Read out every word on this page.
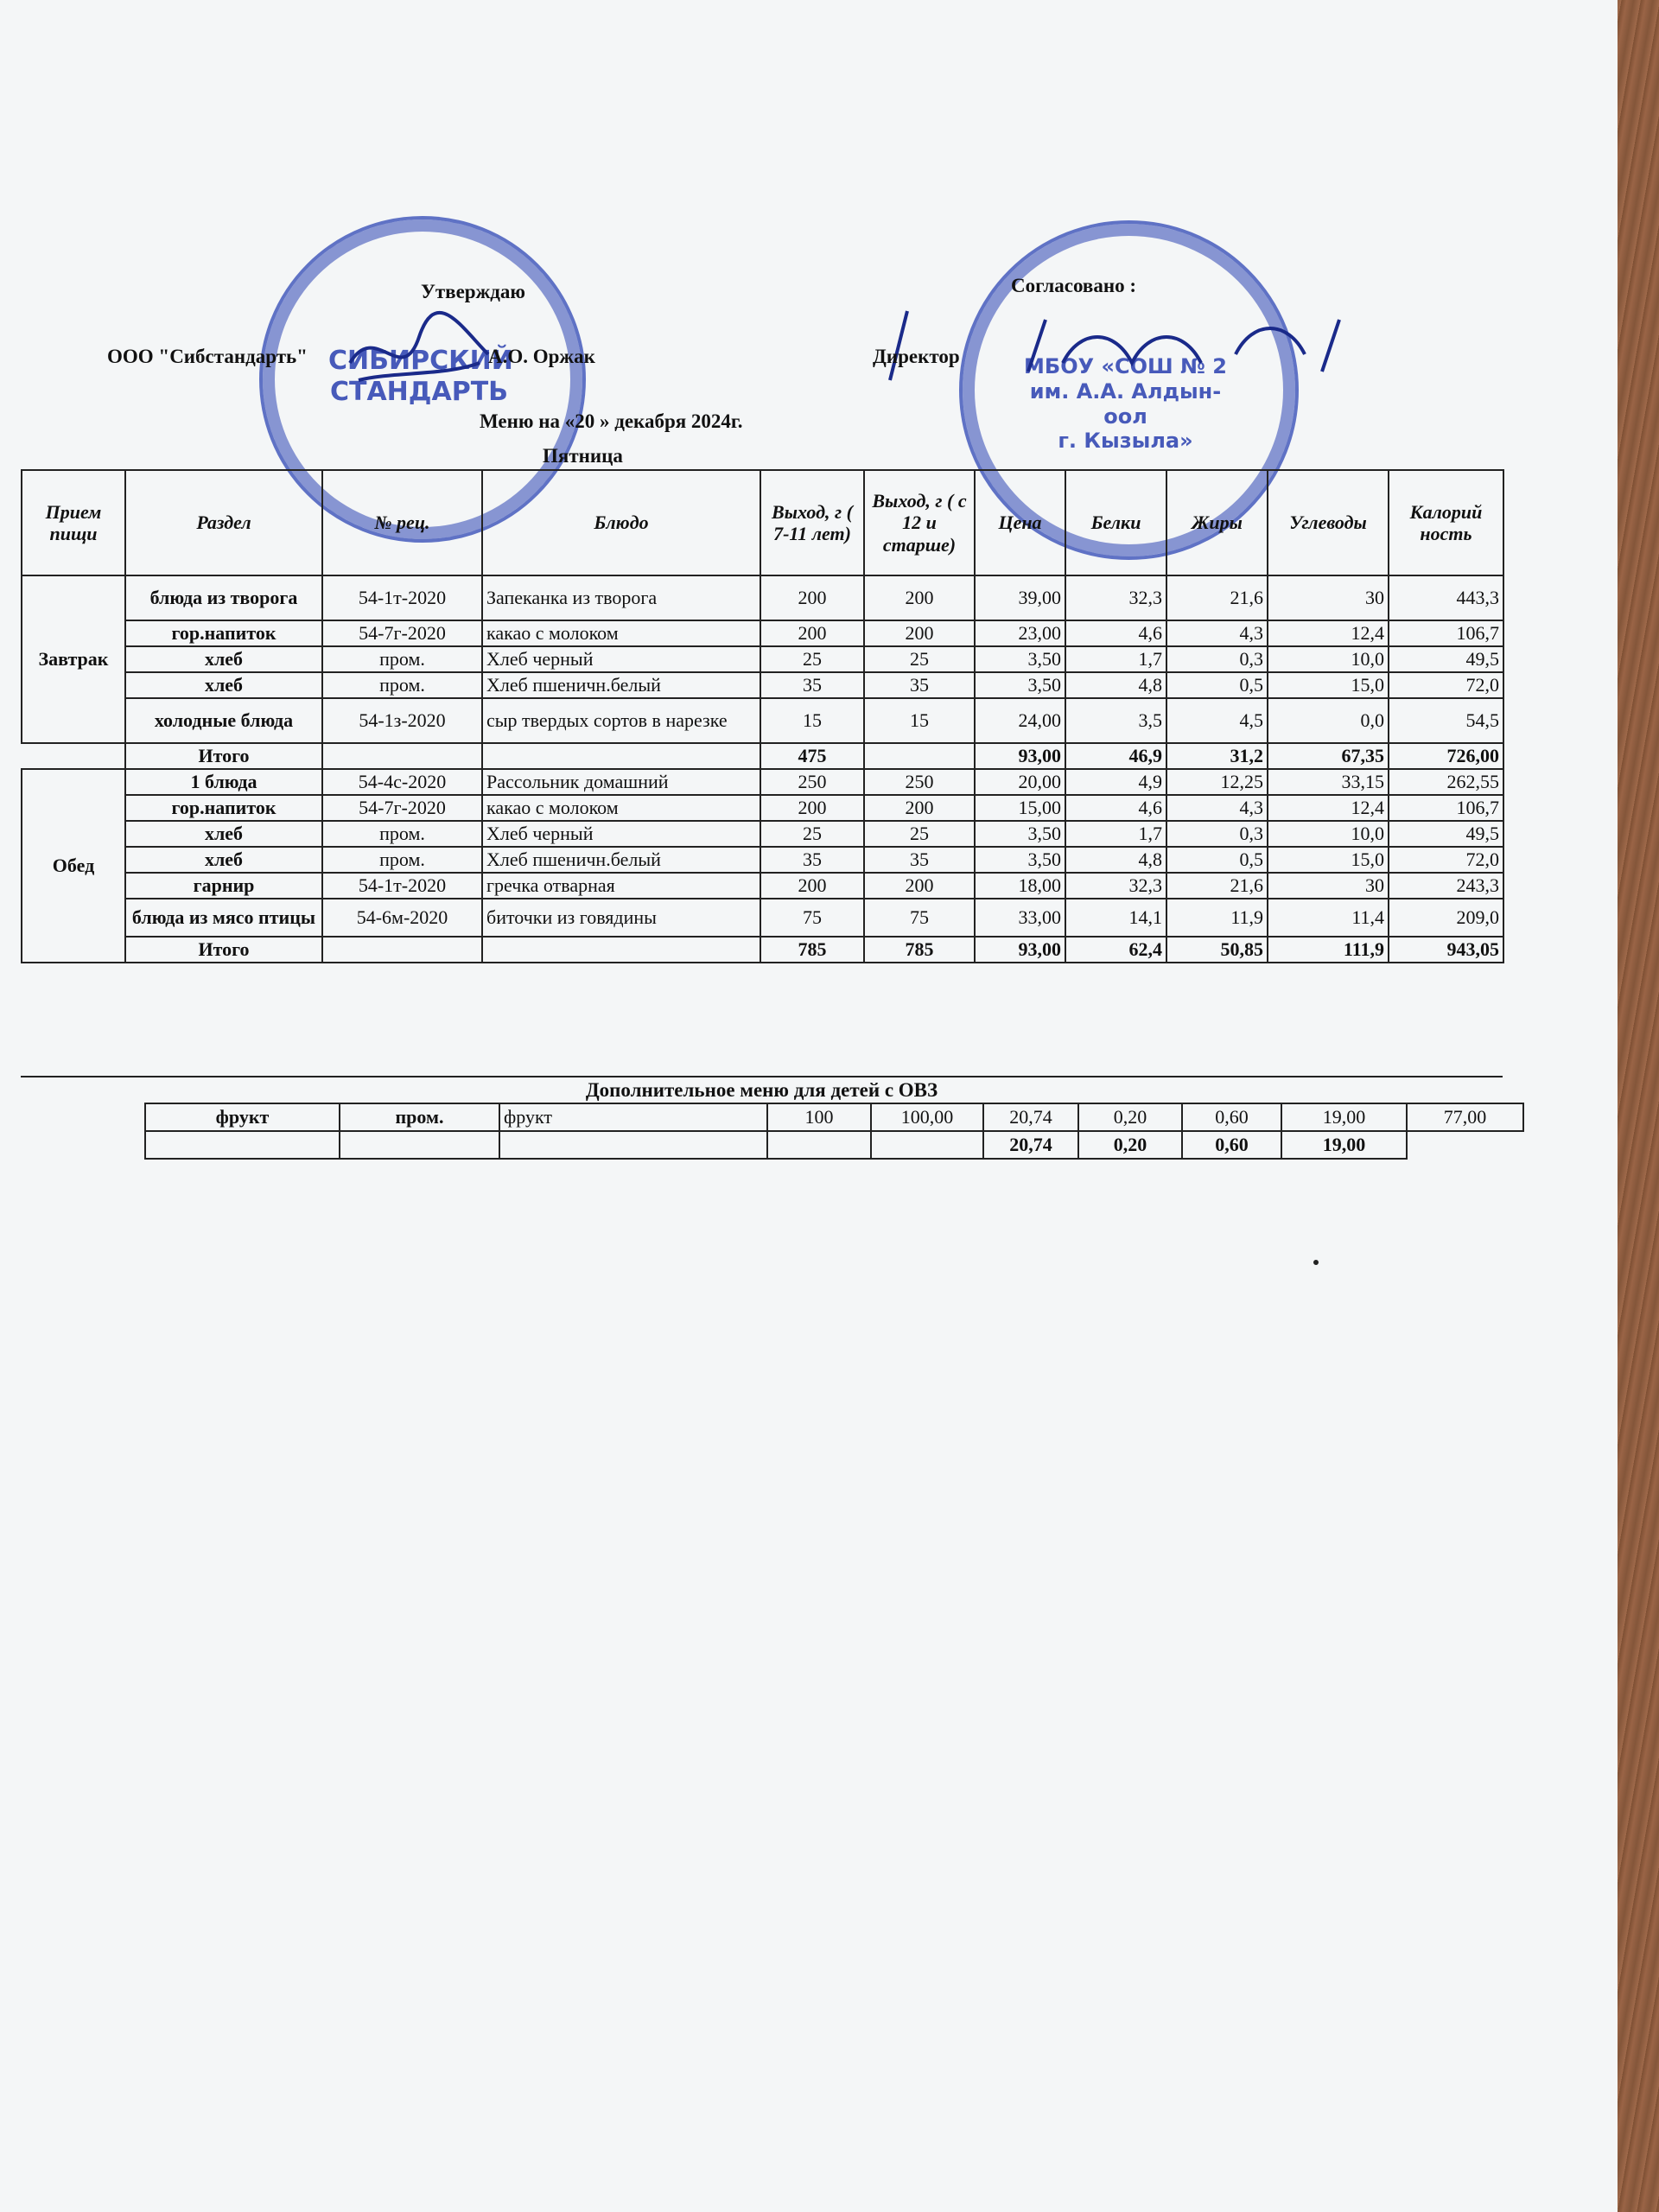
СИБИРСКИЙ
СТАНДАРТЬ
МБОУ «СОШ № 2
им. А.А. Алдын-оол
г. Кызыла»
Утверждаю
ООО "Сибстандарть"	А.О. Оржак
Согласовано :
Директор
Меню на «20 » декабря 2024г.
Пятница
Прием пищи	Раздел	№ рец.	Блюдо	Выход, г ( 7-11 лет)	Выход, г ( с 12 и старше)	Цена	Белки	Жиры	Углеводы	Калорий ность
Завтрак	блюда из творога	54-1т-2020	Запеканка из творога	200	200	39,00	32,3	21,6	30	443,3
	гор.напиток	54-7г-2020	какао с молоком	200	200	23,00	4,6	4,3	12,4	106,7
	хлеб	пром.	Хлеб черный	25	25	3,50	1,7	0,3	10,0	49,5
	хлеб	пром.	Хлеб пшеничн.белый	35	35	3,50	4,8	0,5	15,0	72,0
	холодные блюда	54-1з-2020	сыр твердых сортов в нарезке	15	15	24,00	3,5	4,5	0,0	54,5
	Итого			475		93,00	46,9	31,2	67,35	726,00
Обед	1 блюда	54-4с-2020	Рассольник домашний	250	250	20,00	4,9	12,25	33,15	262,55
	гор.напиток	54-7г-2020	какао с молоком	200	200	15,00	4,6	4,3	12,4	106,7
	хлеб	пром.	Хлеб черный	25	25	3,50	1,7	0,3	10,0	49,5
	хлеб	пром.	Хлеб пшеничн.белый	35	35	3,50	4,8	0,5	15,0	72,0
	гарнир	54-1т-2020	гречка отварная	200	200	18,00	32,3	21,6	30	243,3
	блюда из мясо птицы	54-6м-2020	биточки из говядины	75	75	33,00	14,1	11,9	11,4	209,0
	Итого			785	785	93,00	62,4	50,85	111,9	943,05
Дополнительное меню для детей с ОВЗ
фрукт	пром.	фрукт	100	100,00	20,74	0,20	0,60	19,00	77,00
					20,74	0,20	0,60	19,00	
